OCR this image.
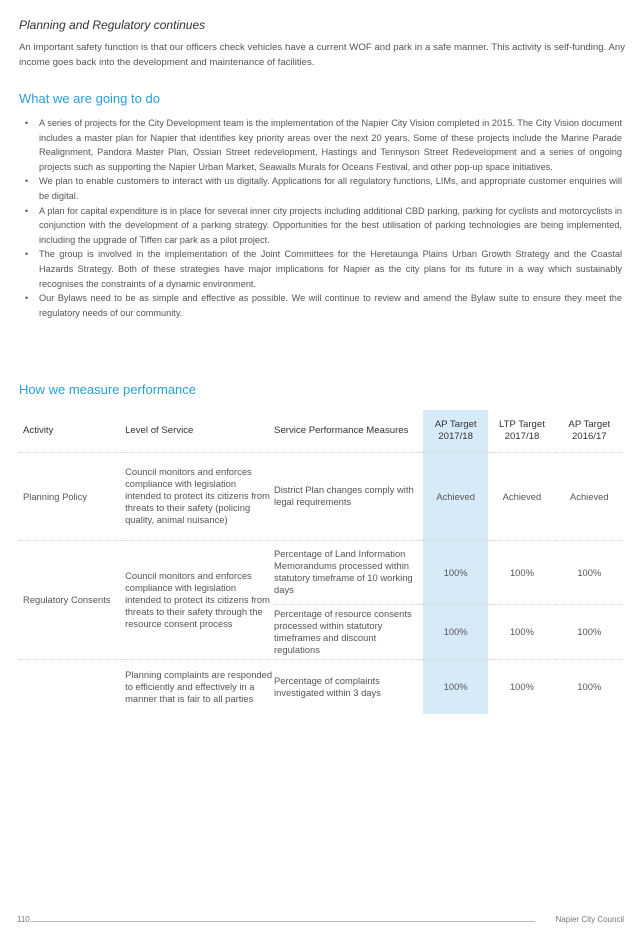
Planning and Regulatory continues
An important safety function is that our officers check vehicles have a current WOF and park in a safe manner. This activity is self-funding. Any income goes back into the development and maintenance of facilities.
What we are going to do
• A series of projects for the City Development team is the implementation of the Napier City Vision completed in 2015. The City Vision document includes a master plan for Napier that identifies key priority areas over the next 20 years. Some of these projects include the Marine Parade Realignment, Pandora Master Plan, Ossian Street redevelopment, Hastings and Tennyson Street Redevelopment and a series of ongoing projects such as supporting the Napier Urban Market, Seawalls Murals for Oceans Festival, and other pop-up space initiatives.
• We plan to enable customers to interact with us digitally. Applications for all regulatory functions, LIMs, and appropriate customer enquiries will be digital.
• A plan for capital expenditure is in place for several inner city projects including additional CBD parking, parking for cyclists and motorcyclists in conjunction with the development of a parking strategy. Opportunities for the best utilisation of parking technologies are being implemented, including the upgrade of Tiffen car park as a pilot project.
• The group is involved in the implementation of the Joint Committees for the Heretaunga Plains Urban Growth Strategy and the Coastal Hazards Strategy. Both of these strategies have major implications for Napier as the city plans for its future in a way which sustainably recognises the constraints of a dynamic environment.
• Our Bylaws need to be as simple and effective as possible. We will continue to review and amend the Bylaw suite to ensure they meet the regulatory needs of our community.
How we measure performance
Activity	Level of Service	Service Performance Measures	AP Target 2017/18	LTP Target 2017/18	AP Target 2016/17
Planning Policy	Council monitors and enforces compliance with legislation intended to protect its citizens from threats to their safety (policing quality, animal nuisance)	District Plan changes comply with legal requirements	Achieved	Achieved	Achieved
Regulatory Consents	Council monitors and enforces compliance with legislation intended to protect its citizens from threats to their safety through the resource consent process	Percentage of Land Information Memorandums processed within statutory timeframe of 10 working days	100%	100%	100%
		Percentage of resource consents processed within statutory timeframes and discount regulations	100%	100%	100%
	Planning complaints are responded to efficiently and effectively in a manner that is fair to all parties	Percentage of complaints investigated within 3 days	100%	100%	100%
110	Napier City Council
